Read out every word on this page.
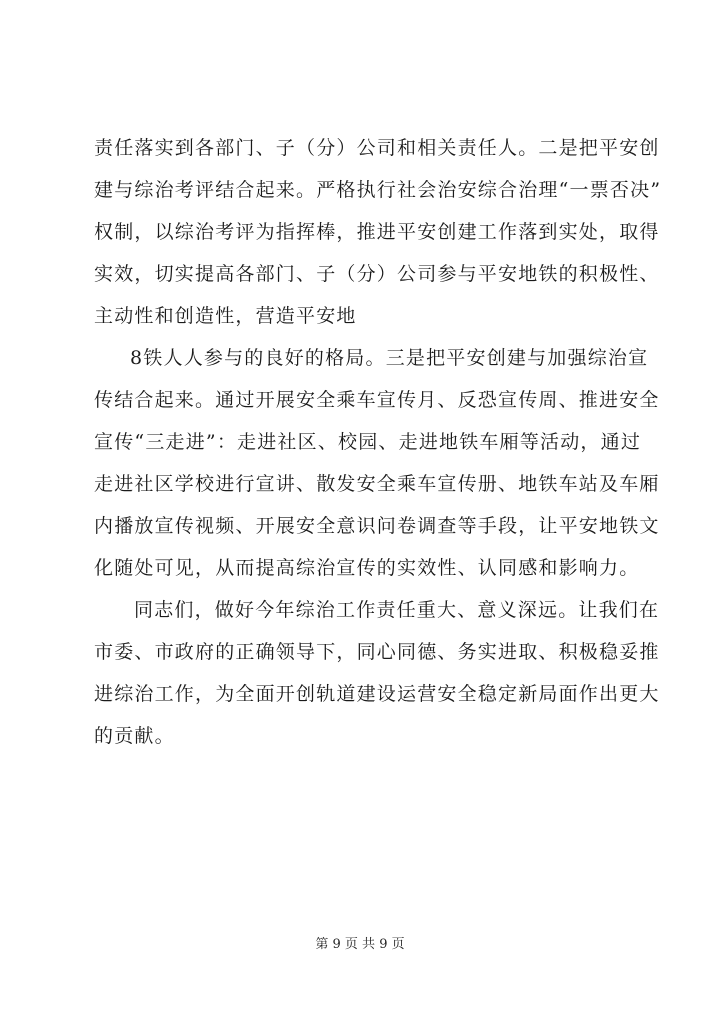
责任落实到各部门、子（分）公司和相关责任人。二是把平安创
建与综治考评结合起来。严格执行社会治安综合治理“一票否决”
权制，以综治考评为指挥棒，推进平安创建工作落到实处，取得
实效，切实提高各部门、子（分）公司参与平安地铁的积极性、
主动性和创造性，营造平安地
8铁人人参与的良好的格局。三是把平安创建与加强综治宣
传结合起来。通过开展安全乘车宣传月、反恐宣传周、推进安全
宣传“三走进”：走进社区、校园、走进地铁车厢等活动，通过
走进社区学校进行宣讲、散发安全乘车宣传册、地铁车站及车厢
内播放宣传视频、开展安全意识问卷调查等手段，让平安地铁文
化随处可见，从而提高综治宣传的实效性、认同感和影响力。
同志们，做好今年综治工作责任重大、意义深远。让我们在
市委、市政府的正确领导下，同心同德、务实进取、积极稳妥推
进综治工作，为全面开创轨道建设运营安全稳定新局面作出更大
的贡献。
第 9 页 共 9 页
